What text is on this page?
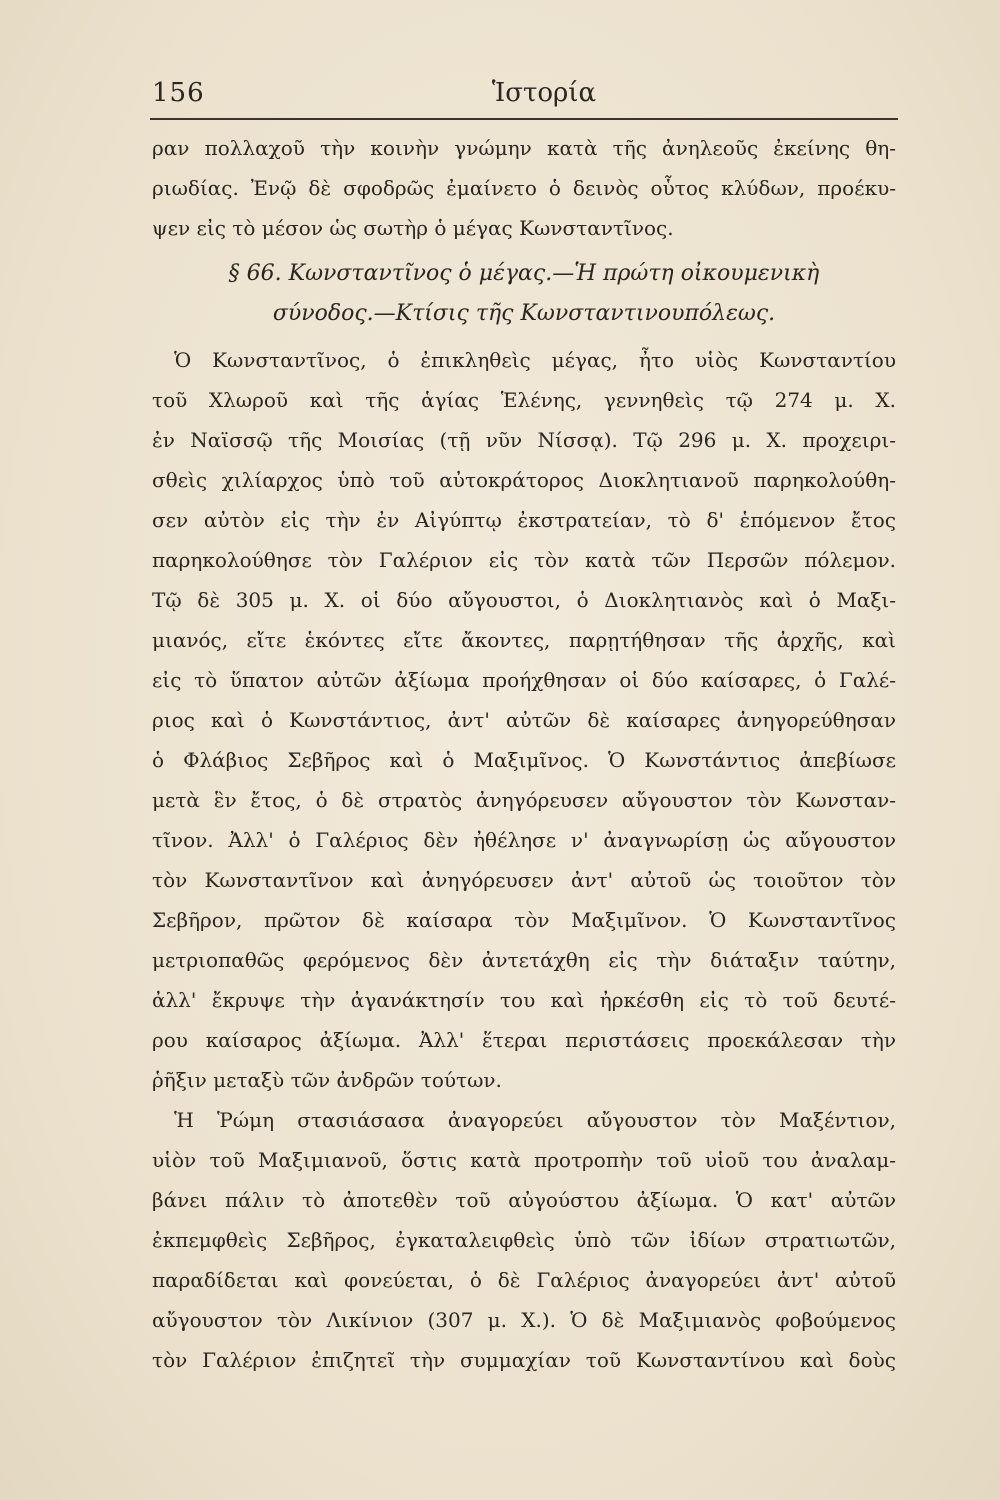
156	Ἱστορία
ραν πολλαχοῦ τὴν κοινὴν γνώμην κατὰ τῆς ἀνηλεοῦς ἐκείνης θη-
ριωδίας. Ἐνῷ δὲ σφοδρῶς ἐμαίνετο ὁ δεινὸς οὗτος κλύδων, προέκυ-
ψεν εἰς τὸ μέσον ὡς σωτὴρ ὁ μέγας Κωνσταντῖνος.
§ 66. Κωνσταντῖνος ὁ μέγας.—Ἡ πρώτη οἰκουμενικὴ
σύνοδος.—Κτίσις τῆς Κωνσταντινουπόλεως.
Ὁ Κωνσταντῖνος, ὁ ἐπικληθεὶς μέγας, ἦτο υἱὸς Κωνσταντίου
τοῦ Χλωροῦ καὶ τῆς ἁγίας Ἑλένης, γεννηθεὶς τῷ 274 μ. Χ.
ἐν Ναϊσσῷ τῆς Μοισίας (τῇ νῦν Νίσσᾳ). Τῷ 296 μ. Χ. προχειρι-
σθεὶς χιλίαρχος ὑπὸ τοῦ αὐτοκράτορος Διοκλητιανοῦ παρηκολούθη-
σεν αὐτὸν εἰς τὴν ἐν Αἰγύπτῳ ἐκστρατείαν, τὸ δ' ἑπόμενον ἔτος
παρηκολούθησε τὸν Γαλέριον εἰς τὸν κατὰ τῶν Περσῶν πόλεμον.
Τῷ δὲ 305 μ. Χ. οἱ δύο αὔγουστοι, ὁ Διοκλητιανὸς καὶ ὁ Μαξι-
μιανός, εἴτε ἑκόντες εἴτε ἄκοντες, παρῃτήθησαν τῆς ἀρχῆς, καὶ
εἰς τὸ ὕπατον αὐτῶν ἀξίωμα προήχθησαν οἱ δύο καίσαρες, ὁ Γαλέ-
ριος καὶ ὁ Κωνστάντιος, ἀντ' αὐτῶν δὲ καίσαρες ἀνηγορεύθησαν
ὁ Φλάβιος Σεβῆρος καὶ ὁ Μαξιμῖνος. Ὁ Κωνστάντιος ἀπεβίωσε
μετὰ ἓν ἔτος, ὁ δὲ στρατὸς ἀνηγόρευσεν αὔγουστον τὸν Κωνσταν-
τῖνον. Ἀλλ' ὁ Γαλέριος δὲν ἠθέλησε ν' ἀναγνωρίσῃ ὡς αὔγουστον
τὸν Κωνσταντῖνον καὶ ἀνηγόρευσεν ἀντ' αὐτοῦ ὡς τοιοῦτον τὸν
Σεβῆρον, πρῶτον δὲ καίσαρα τὸν Μαξιμῖνον. Ὁ Κωνσταντῖνος
μετριοπαθῶς φερόμενος δὲν ἀντετάχθη εἰς τὴν διάταξιν ταύτην,
ἀλλ' ἔκρυψε τὴν ἀγανάκτησίν του καὶ ἠρκέσθη εἰς τὸ τοῦ δευτέ-
ρου καίσαρος ἀξίωμα. Ἀλλ' ἕτεραι περιστάσεις προεκάλεσαν τὴν
ῥῆξιν μεταξὺ τῶν ἀνδρῶν τούτων.
Ἡ Ῥώμη στασιάσασα ἀναγορεύει αὔγουστον τὸν Μαξέντιον,
υἱὸν τοῦ Μαξιμιανοῦ, ὅστις κατὰ προτροπὴν τοῦ υἱοῦ του ἀναλαμ-
βάνει πάλιν τὸ ἀποτεθὲν τοῦ αὐγούστου ἀξίωμα. Ὁ κατ' αὐτῶν
ἐκπεμφθεὶς Σεβῆρος, ἐγκαταλειφθεὶς ὑπὸ τῶν ἰδίων στρατιωτῶν,
παραδίδεται καὶ φονεύεται, ὁ δὲ Γαλέριος ἀναγορεύει ἀντ' αὐτοῦ
αὔγουστον τὸν Λικίνιον (307 μ. Χ.). Ὁ δὲ Μαξιμιανὸς φοβούμενος
τὸν Γαλέριον ἐπιζητεῖ τὴν συμμαχίαν τοῦ Κωνσταντίνου καὶ δοὺς
